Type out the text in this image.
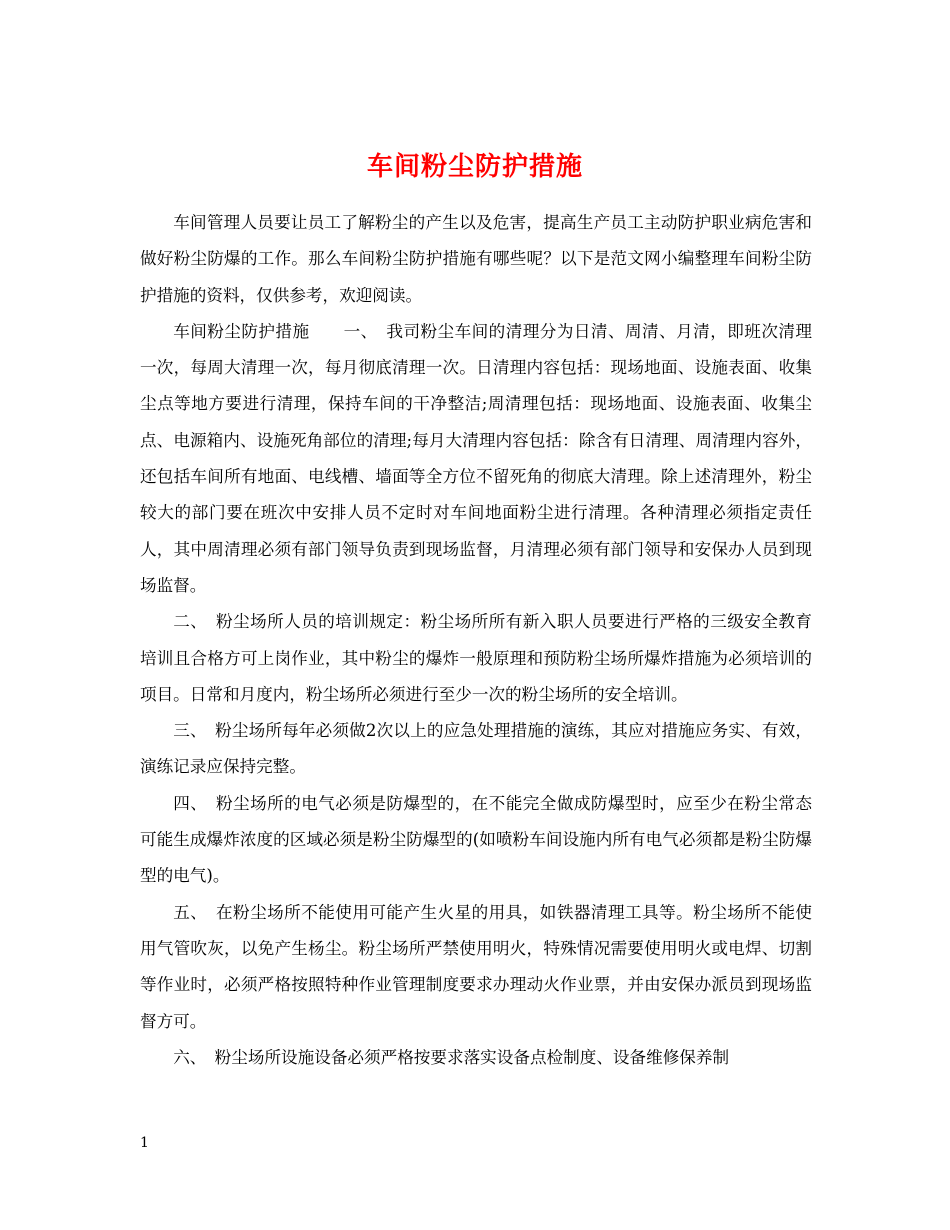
车间粉尘防护措施

车间管理人员要让员工了解粉尘的产生以及危害，提高生产员工主动防护职业病危害和做好粉尘防爆的工作。那么车间粉尘防护措施有哪些呢？以下是范文网小编整理车间粉尘防护措施的资料，仅供参考，欢迎阅读。

车间粉尘防护措施　　一、　我司粉尘车间的清理分为日清、周清、月清，即班次清理一次，每周大清理一次，每月彻底清理一次。日清理内容包括：现场地面、设施表面、收集尘点等地方要进行清理，保持车间的干净整洁;周清理包括：现场地面、设施表面、收集尘点、电源箱内、设施死角部位的清理;每月大清理内容包括：除含有日清理、周清理内容外，还包括车间所有地面、电线槽、墙面等全方位不留死角的彻底大清理。除上述清理外，粉尘较大的部门要在班次中安排人员不定时对车间地面粉尘进行清理。各种清理必须指定责任人，其中周清理必须有部门领导负责到现场监督，月清理必须有部门领导和安保办人员到现场监督。

二、　粉尘场所人员的培训规定：粉尘场所所有新入职人员要进行严格的三级安全教育培训且合格方可上岗作业，其中粉尘的爆炸一般原理和预防粉尘场所爆炸措施为必须培训的项目。日常和月度内，粉尘场所必须进行至少一次的粉尘场所的安全培训。

三、　粉尘场所每年必须做2次以上的应急处理措施的演练，其应对措施应务实、有效，演练记录应保持完整。

四、　粉尘场所的电气必须是防爆型的，在不能完全做成防爆型时，应至少在粉尘常态可能生成爆炸浓度的区域必须是粉尘防爆型的(如喷粉车间设施内所有电气必须都是粉尘防爆型的电气)。

五、　在粉尘场所不能使用可能产生火星的用具，如铁器清理工具等。粉尘场所不能使用气管吹灰，以免产生杨尘。粉尘场所严禁使用明火，特殊情况需要使用明火或电焊、切割等作业时，必须严格按照特种作业管理制度要求办理动火作业票，并由安保办派员到现场监督方可。

六、　粉尘场所设施设备必须严格按要求落实设备点检制度、设备维修保养制

1
